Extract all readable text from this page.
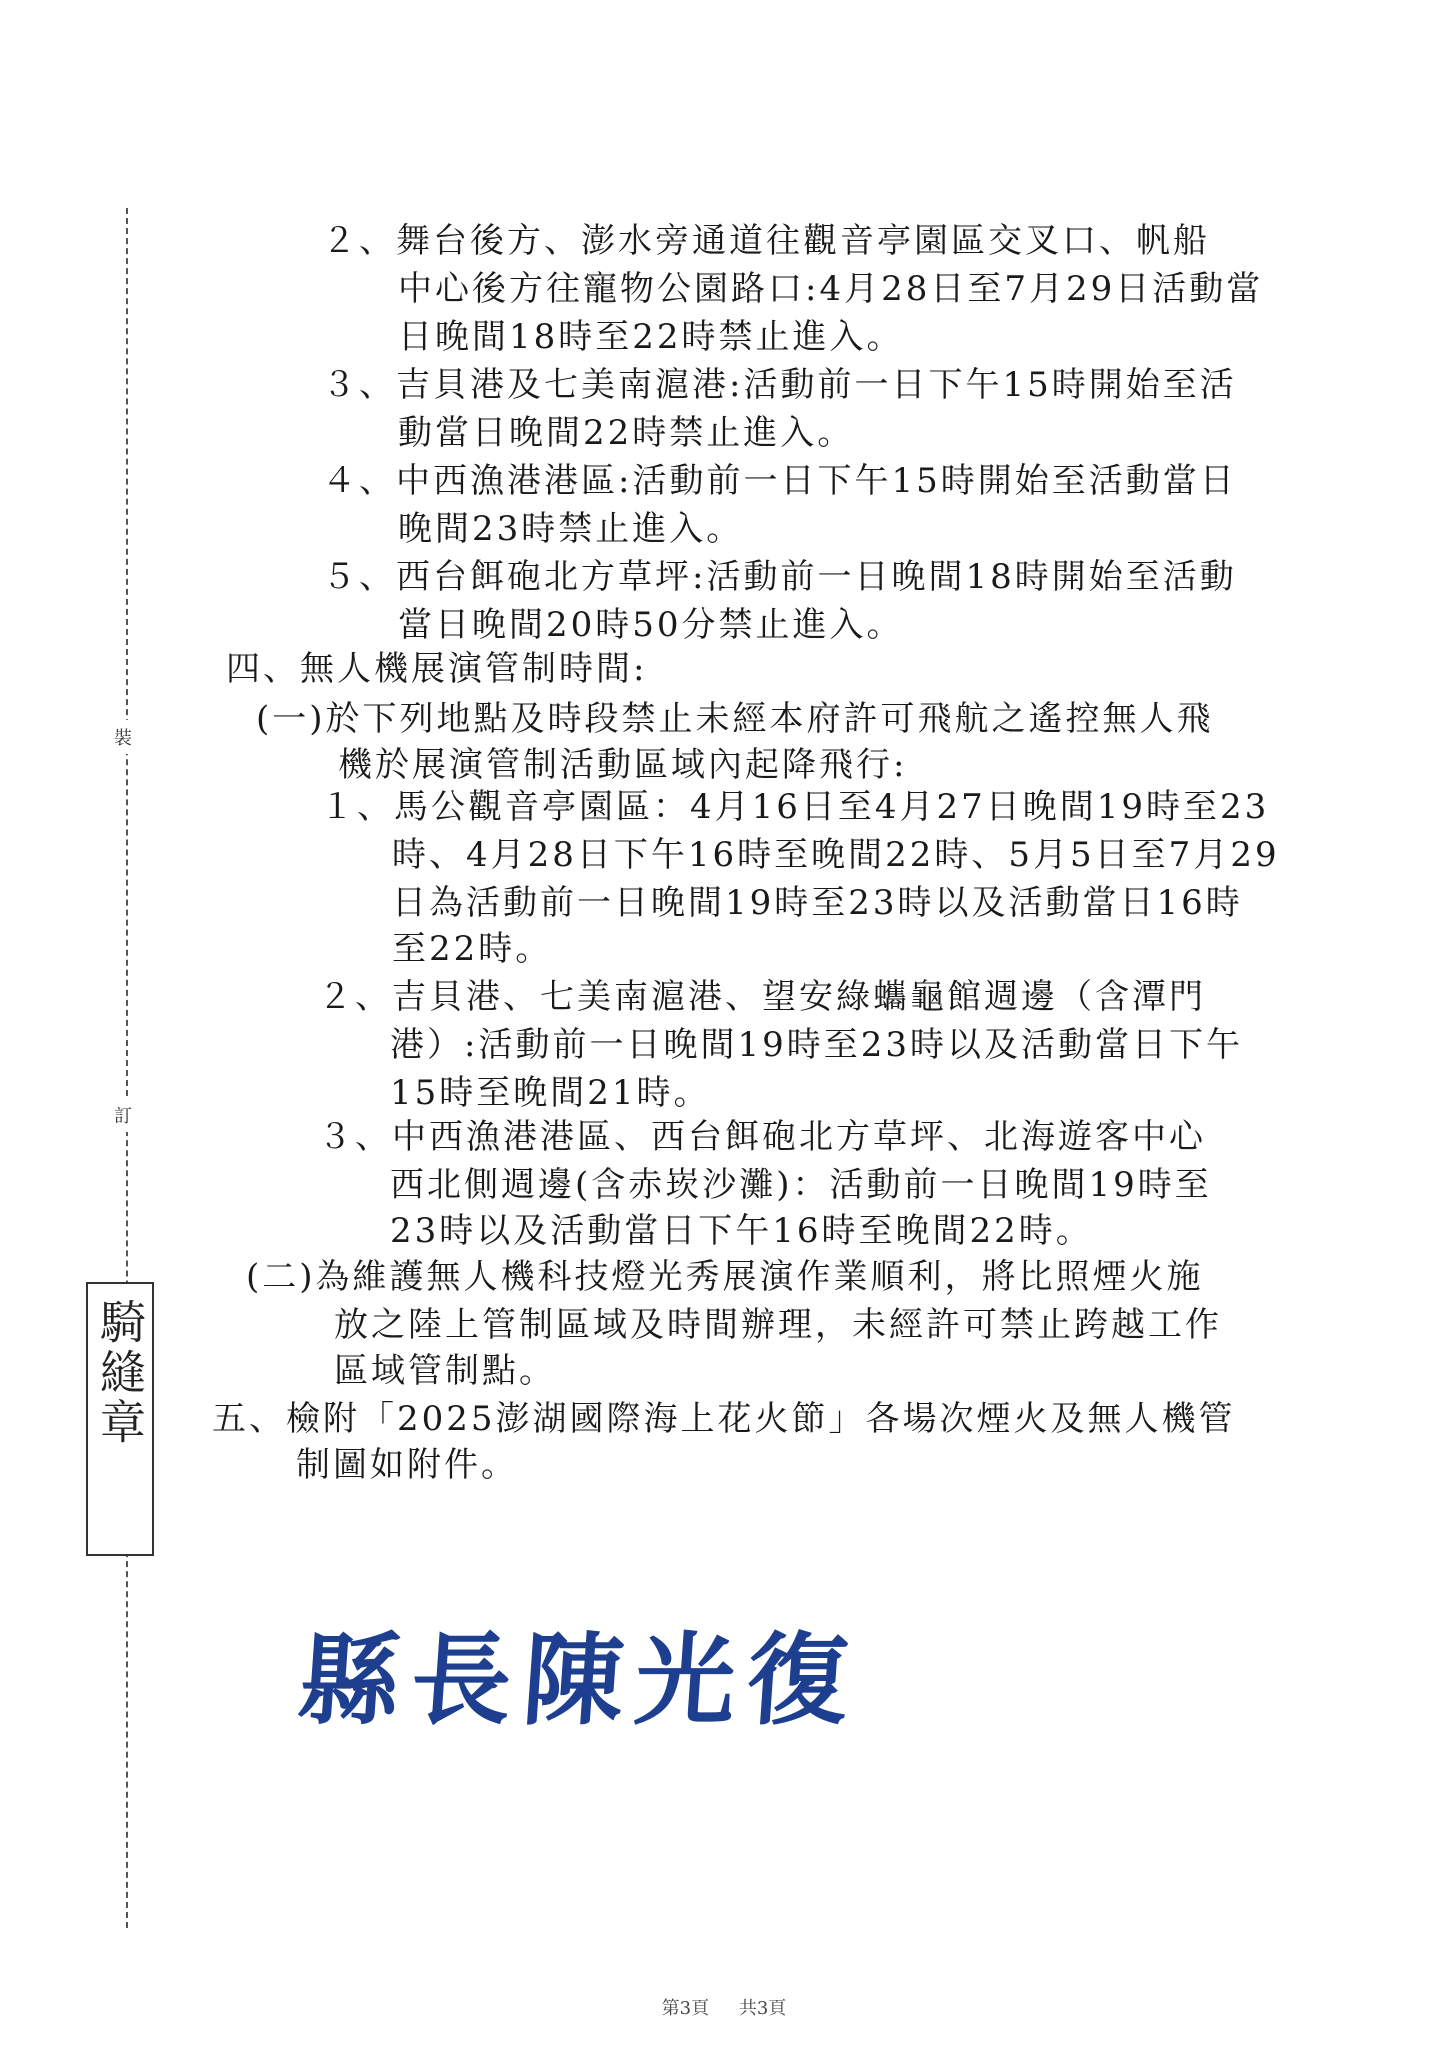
裝
訂
騎縫章
２、舞台後方、澎水旁通道往觀音亭園區交叉口、帆船
中心後方往寵物公園路口:4月28日至7月29日活動當
日晚間18時至22時禁止進入。
３、吉貝港及七美南滬港:活動前一日下午15時開始至活
動當日晚間22時禁止進入。
４、中西漁港港區:活動前一日下午15時開始至活動當日
晚間23時禁止進入。
５、西台餌砲北方草坪:活動前一日晚間18時開始至活動
當日晚間20時50分禁止進入。
四、無人機展演管制時間:
(一)於下列地點及時段禁止未經本府許可飛航之遙控無人飛
機於展演管制活動區域內起降飛行:
１、馬公觀音亭園區：4月16日至4月27日晚間19時至23
時、4月28日下午16時至晚間22時、5月5日至7月29
日為活動前一日晚間19時至23時以及活動當日16時
至22時。
２、吉貝港、七美南滬港、望安綠蠵龜館週邊（含潭門
港）:活動前一日晚間19時至23時以及活動當日下午
15時至晚間21時。
３、中西漁港港區、西台餌砲北方草坪、北海遊客中心
西北側週邊(含赤崁沙灘)：活動前一日晚間19時至
23時以及活動當日下午16時至晚間22時。
(二)為維護無人機科技燈光秀展演作業順利，將比照煙火施
放之陸上管制區域及時間辦理，未經許可禁止跨越工作
區域管制點。
五、檢附「2025澎湖國際海上花火節」各場次煙火及無人機管
制圖如附件。
縣長陳光復
第3頁 共3頁
